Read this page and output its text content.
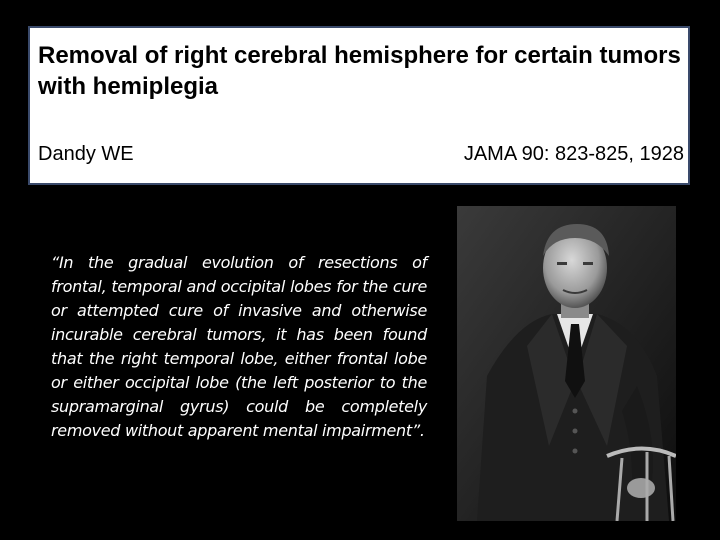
Removal of right cerebral hemisphere for certain tumors with hemiplegia
Dandy WE	JAMA 90: 823-825, 1928

“In the gradual evolution of resections of frontal, temporal and occipital lobes for the cure or attempted cure of invasive and otherwise incurable cerebral tumors, it has been found that the right temporal lobe, either frontal lobe or either occipital lobe (the left posterior to the supramarginal gyrus) could be completely removed without apparent mental impairment”.
